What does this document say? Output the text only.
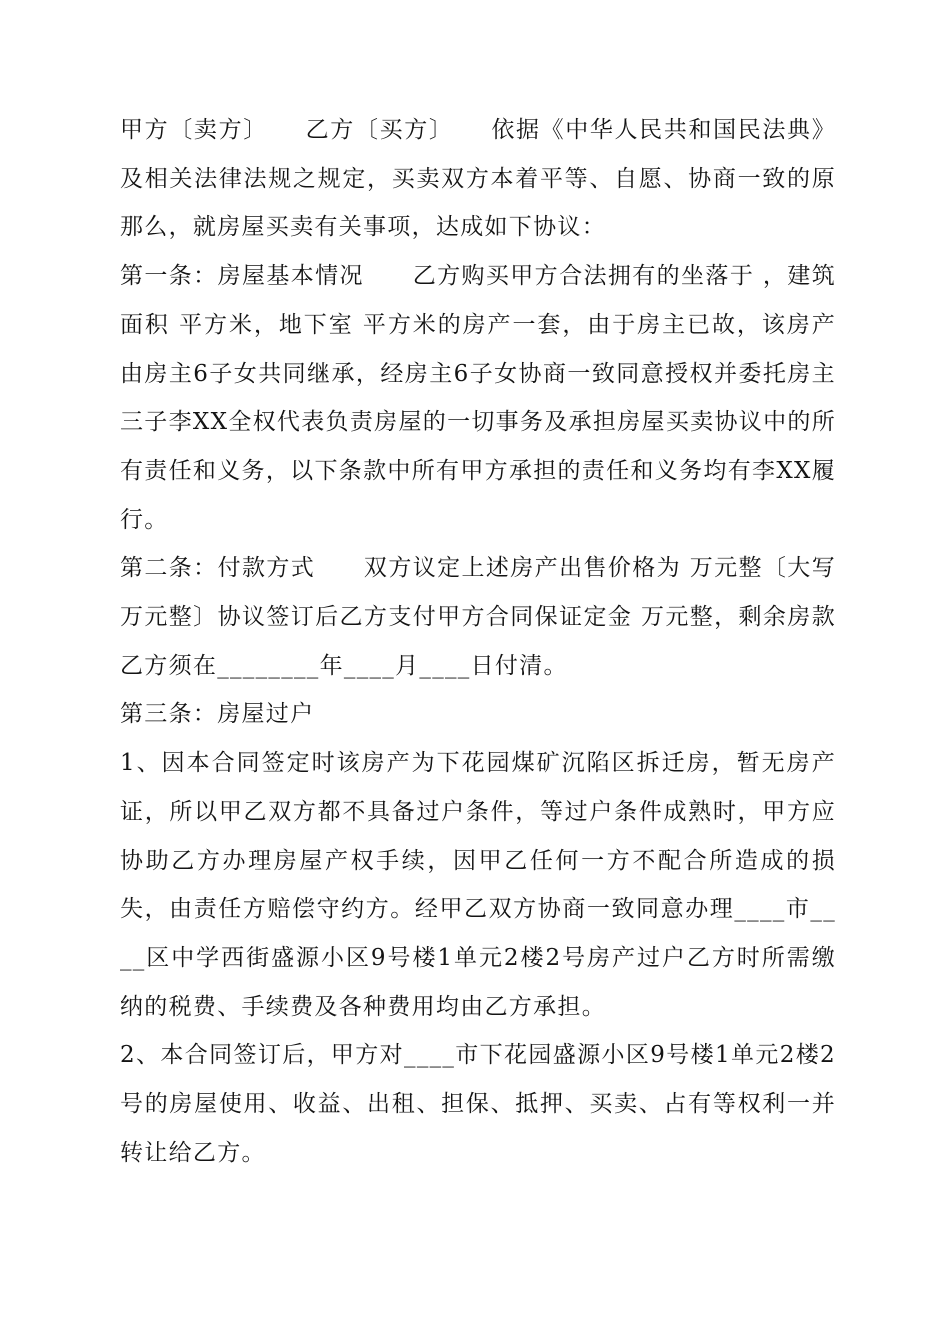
甲方〔卖方〕　　乙方〔买方〕　　依据《中华人民共和国民法典》及相关法律法规之规定，买卖双方本着平等、自愿、协商一致的原那么，就房屋买卖有关事项，达成如下协议：

第一条：房屋基本情况　　乙方购买甲方合法拥有的坐落于 ，建筑面积 平方米，地下室 平方米的房产一套，由于房主已故，该房产由房主6子女共同继承，经房主6子女协商一致同意授权并委托房主三子李XX全权代表负责房屋的一切事务及承担房屋买卖协议中的所有责任和义务，以下条款中所有甲方承担的责任和义务均有李XX履行。

第二条：付款方式　　双方议定上述房产出售价格为 万元整〔大写 万元整〕协议签订后乙方支付甲方合同保证定金 万元整，剩余房款乙方须在________年____月____日付清。

第三条：房屋过户

1、因本合同签定时该房产为下花园煤矿沉陷区拆迁房，暂无房产证，所以甲乙双方都不具备过户条件，等过户条件成熟时，甲方应协助乙方办理房屋产权手续，因甲乙任何一方不配合所造成的损失，由责任方赔偿守约方。经甲乙双方协商一致同意办理____市____区中学西街盛源小区9号楼1单元2楼2号房产过户乙方时所需缴纳的税费、手续费及各种费用均由乙方承担。

2、本合同签订后，甲方对____市下花园盛源小区9号楼1单元2楼2号的房屋使用、收益、出租、担保、抵押、买卖、占有等权利一并转让给乙方。
